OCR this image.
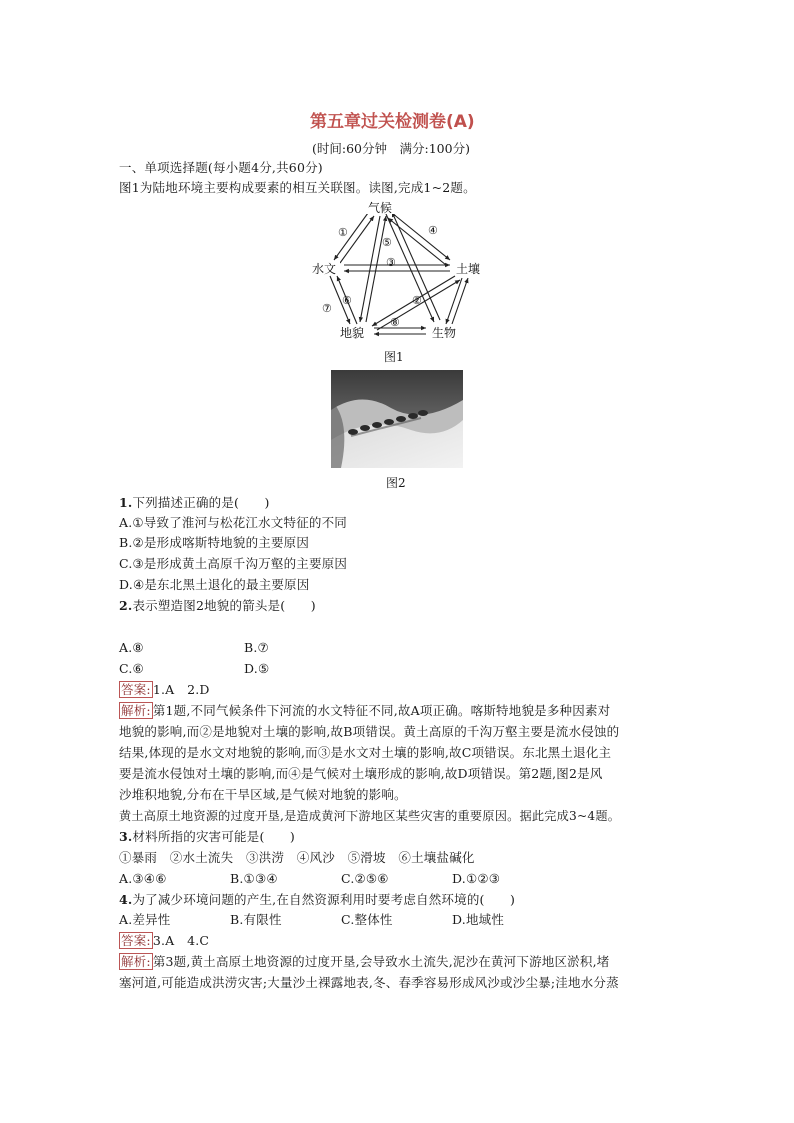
第五章过关检测卷(A)
(时间:60分钟　满分:100分)
一、单项选择题(每小题4分,共60分)
图1为陆地环境主要构成要素的相互关联图。读图,完成1~2题。
气候
水文	土壤
地貌	生物
①
②
③
④
⑤
⑥
⑦
⑧
图1
图2
1.下列描述正确的是(　　)
A.①导致了淮河与松花江水文特征的不同
B.②是形成喀斯特地貌的主要原因
C.③是形成黄土高原千沟万壑的主要原因
D.④是东北黑土退化的最主要原因
2.表示塑造图2地貌的箭头是(　　)
A.⑧	B.⑦
C.⑥	D.⑤
答案: 1.A　2.D
解析: 第1题,不同气候条件下河流的水文特征不同,故A项正确。喀斯特地貌是多种因素对
地貌的影响,而②是地貌对土壤的影响,故B项错误。黄土高原的千沟万壑主要是流水侵蚀的
结果,体现的是水文对地貌的影响,而③是水文对土壤的影响,故C项错误。东北黑土退化主
要是流水侵蚀对土壤的影响,而④是气候对土壤形成的影响,故D项错误。第2题,图2是风
沙堆积地貌,分布在干旱区域,是气候对地貌的影响。
黄土高原土地资源的过度开垦,是造成黄河下游地区某些灾害的重要原因。据此完成3~4题。
3.材料所指的灾害可能是(　　)
①暴雨　②水土流失　③洪涝　④风沙　⑤滑坡　⑥土壤盐碱化
A.③④⑥	B.①③④	C.②⑤⑥	D.①②③
4.为了减少环境问题的产生,在自然资源利用时要考虑自然环境的(　　)
A.差异性	B.有限性	C.整体性	D.地域性
答案: 3.A　4.C
解析: 第3题,黄土高原土地资源的过度开垦,会导致水土流失,泥沙在黄河下游地区淤积,堵
塞河道,可能造成洪涝灾害;大量沙土裸露地表,冬、春季容易形成风沙或沙尘暴;洼地水分蒸
